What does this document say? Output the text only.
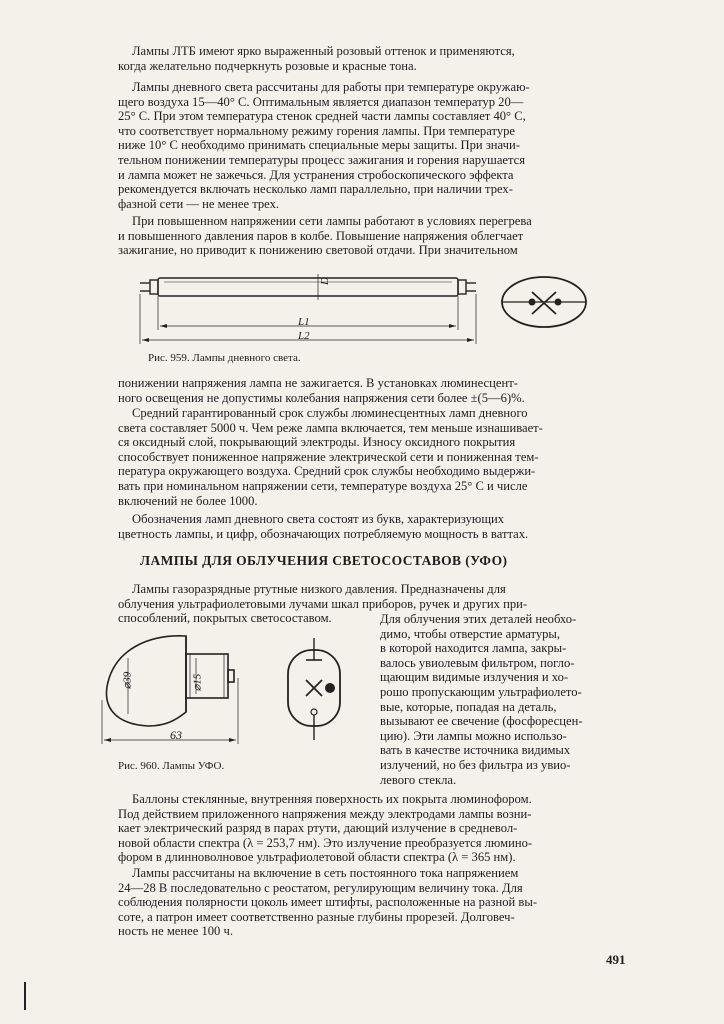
Лампы ЛТБ имеют ярко выраженный розовый оттенок и применяются,
когда желательно подчеркнуть розовые и красные тона.

Лампы дневного света рассчитаны для работы при температуре окружаю-
щего воздуха 15—40° С. Оптимальным является диапазон температур 20—
25° С. При этом температура стенок средней части лампы составляет 40° С,
что соответствует нормальному режиму горения лампы. При температуре
ниже 10° С необходимо принимать специальные меры защиты. При значи-
тельном понижении температуры процесс зажигания и горения нарушается
и лампа может не зажечься. Для устранения стробоскопического эффекта
рекомендуется включать несколько ламп параллельно, при наличии трех-
фазной сети — не менее трех.

При повышенном напряжении сети лампы работают в условиях перегрева
и повышенного давления паров в колбе. Повышение напряжения облегчает
зажигание, но приводит к понижению световой отдачи. При значительном

D
L1
L2

Рис. 959. Лампы дневного света.

понижении напряжения лампа не зажигается. В установках люминесцент-
ного освещения не допустимы колебания напряжения сети более ±(5—6)%.

Средний гарантированный срок службы люминесцентных ламп дневного
света составляет 5000 ч. Чем реже лампа включается, тем меньше изнашивает-
ся оксидный слой, покрывающий электроды. Износу оксидного покрытия
способствует пониженное напряжение электрической сети и пониженная тем-
пература окружающего воздуха. Средний срок службы необходимо выдержи-
вать при номинальном напряжении сети, температуре воздуха 25° С и числе
включений не более 1000.

Обозначения ламп дневного света состоят из букв, характеризующих
цветность лампы, и цифр, обозначающих потребляемую мощность в ваттах.

ЛАМПЫ ДЛЯ ОБЛУЧЕНИЯ СВЕТОСОСТАВОВ (УФО)

Лампы газоразрядные ртутные низкого давления. Предназначены для
облучения ультрафиолетовыми лучами шкал приборов, ручек и других при-
способлений, покрытых светосоставом.	Для облучения этих деталей необхо-
димо, чтобы отверстие арматуры,
в которой находится лампа, закры-
валось увиолевым фильтром, погло-
щающим видимые излучения и хо-
рошо пропускающим ультрафиолето-
вые, которые, попадая на деталь,
вызывают ее свечение (фосфоресцен-
цию). Эти лампы можно использо-
вать в качестве источника видимых
излучений, но без фильтра из увио-
левого стекла.

⌀39	⌀15
63

Рис. 960. Лампы УФО.

Баллоны стеклянные, внутренняя поверхность их покрыта люминофором.
Под действием приложенного напряжения между электродами лампы возни-
кает электрический разряд в парах ртути, дающий излучение в средневол-
новой области спектра (λ = 253,7 нм). Это излучение преобразуется люмино-
фором в длинноволновое ультрафиолетовой области спектра (λ = 365 нм).

Лампы рассчитаны на включение в сеть постоянного тока напряжением
24—28 В последовательно с реостатом, регулирующим величину тока. Для
соблюдения полярности цоколь имеет штифты, расположенные на разной вы-
соте, а патрон имеет соответственно разные глубины прорезей. Долговеч-
ность не менее 100 ч.

491
